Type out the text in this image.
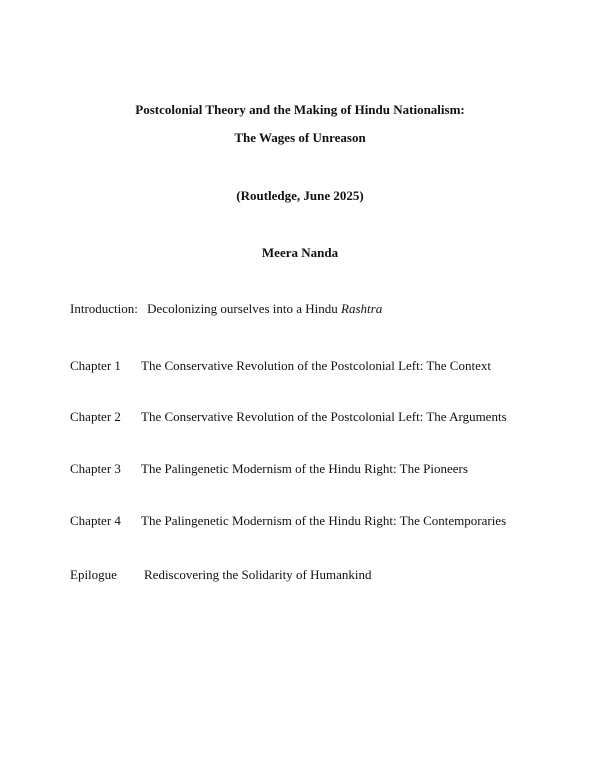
Postcolonial Theory and the Making of Hindu Nationalism:
The Wages of Unreason
(Routledge, June 2025)
Meera Nanda
Introduction: Decolonizing ourselves into a Hindu Rashtra
Chapter 1 The Conservative Revolution of the Postcolonial Left: The Context
Chapter 2 The Conservative Revolution of the Postcolonial Left: The Arguments
Chapter 3 The Palingenetic Modernism of the Hindu Right: The Pioneers
Chapter 4 The Palingenetic Modernism of the Hindu Right: The Contemporaries
Epilogue Rediscovering the Solidarity of Humankind
